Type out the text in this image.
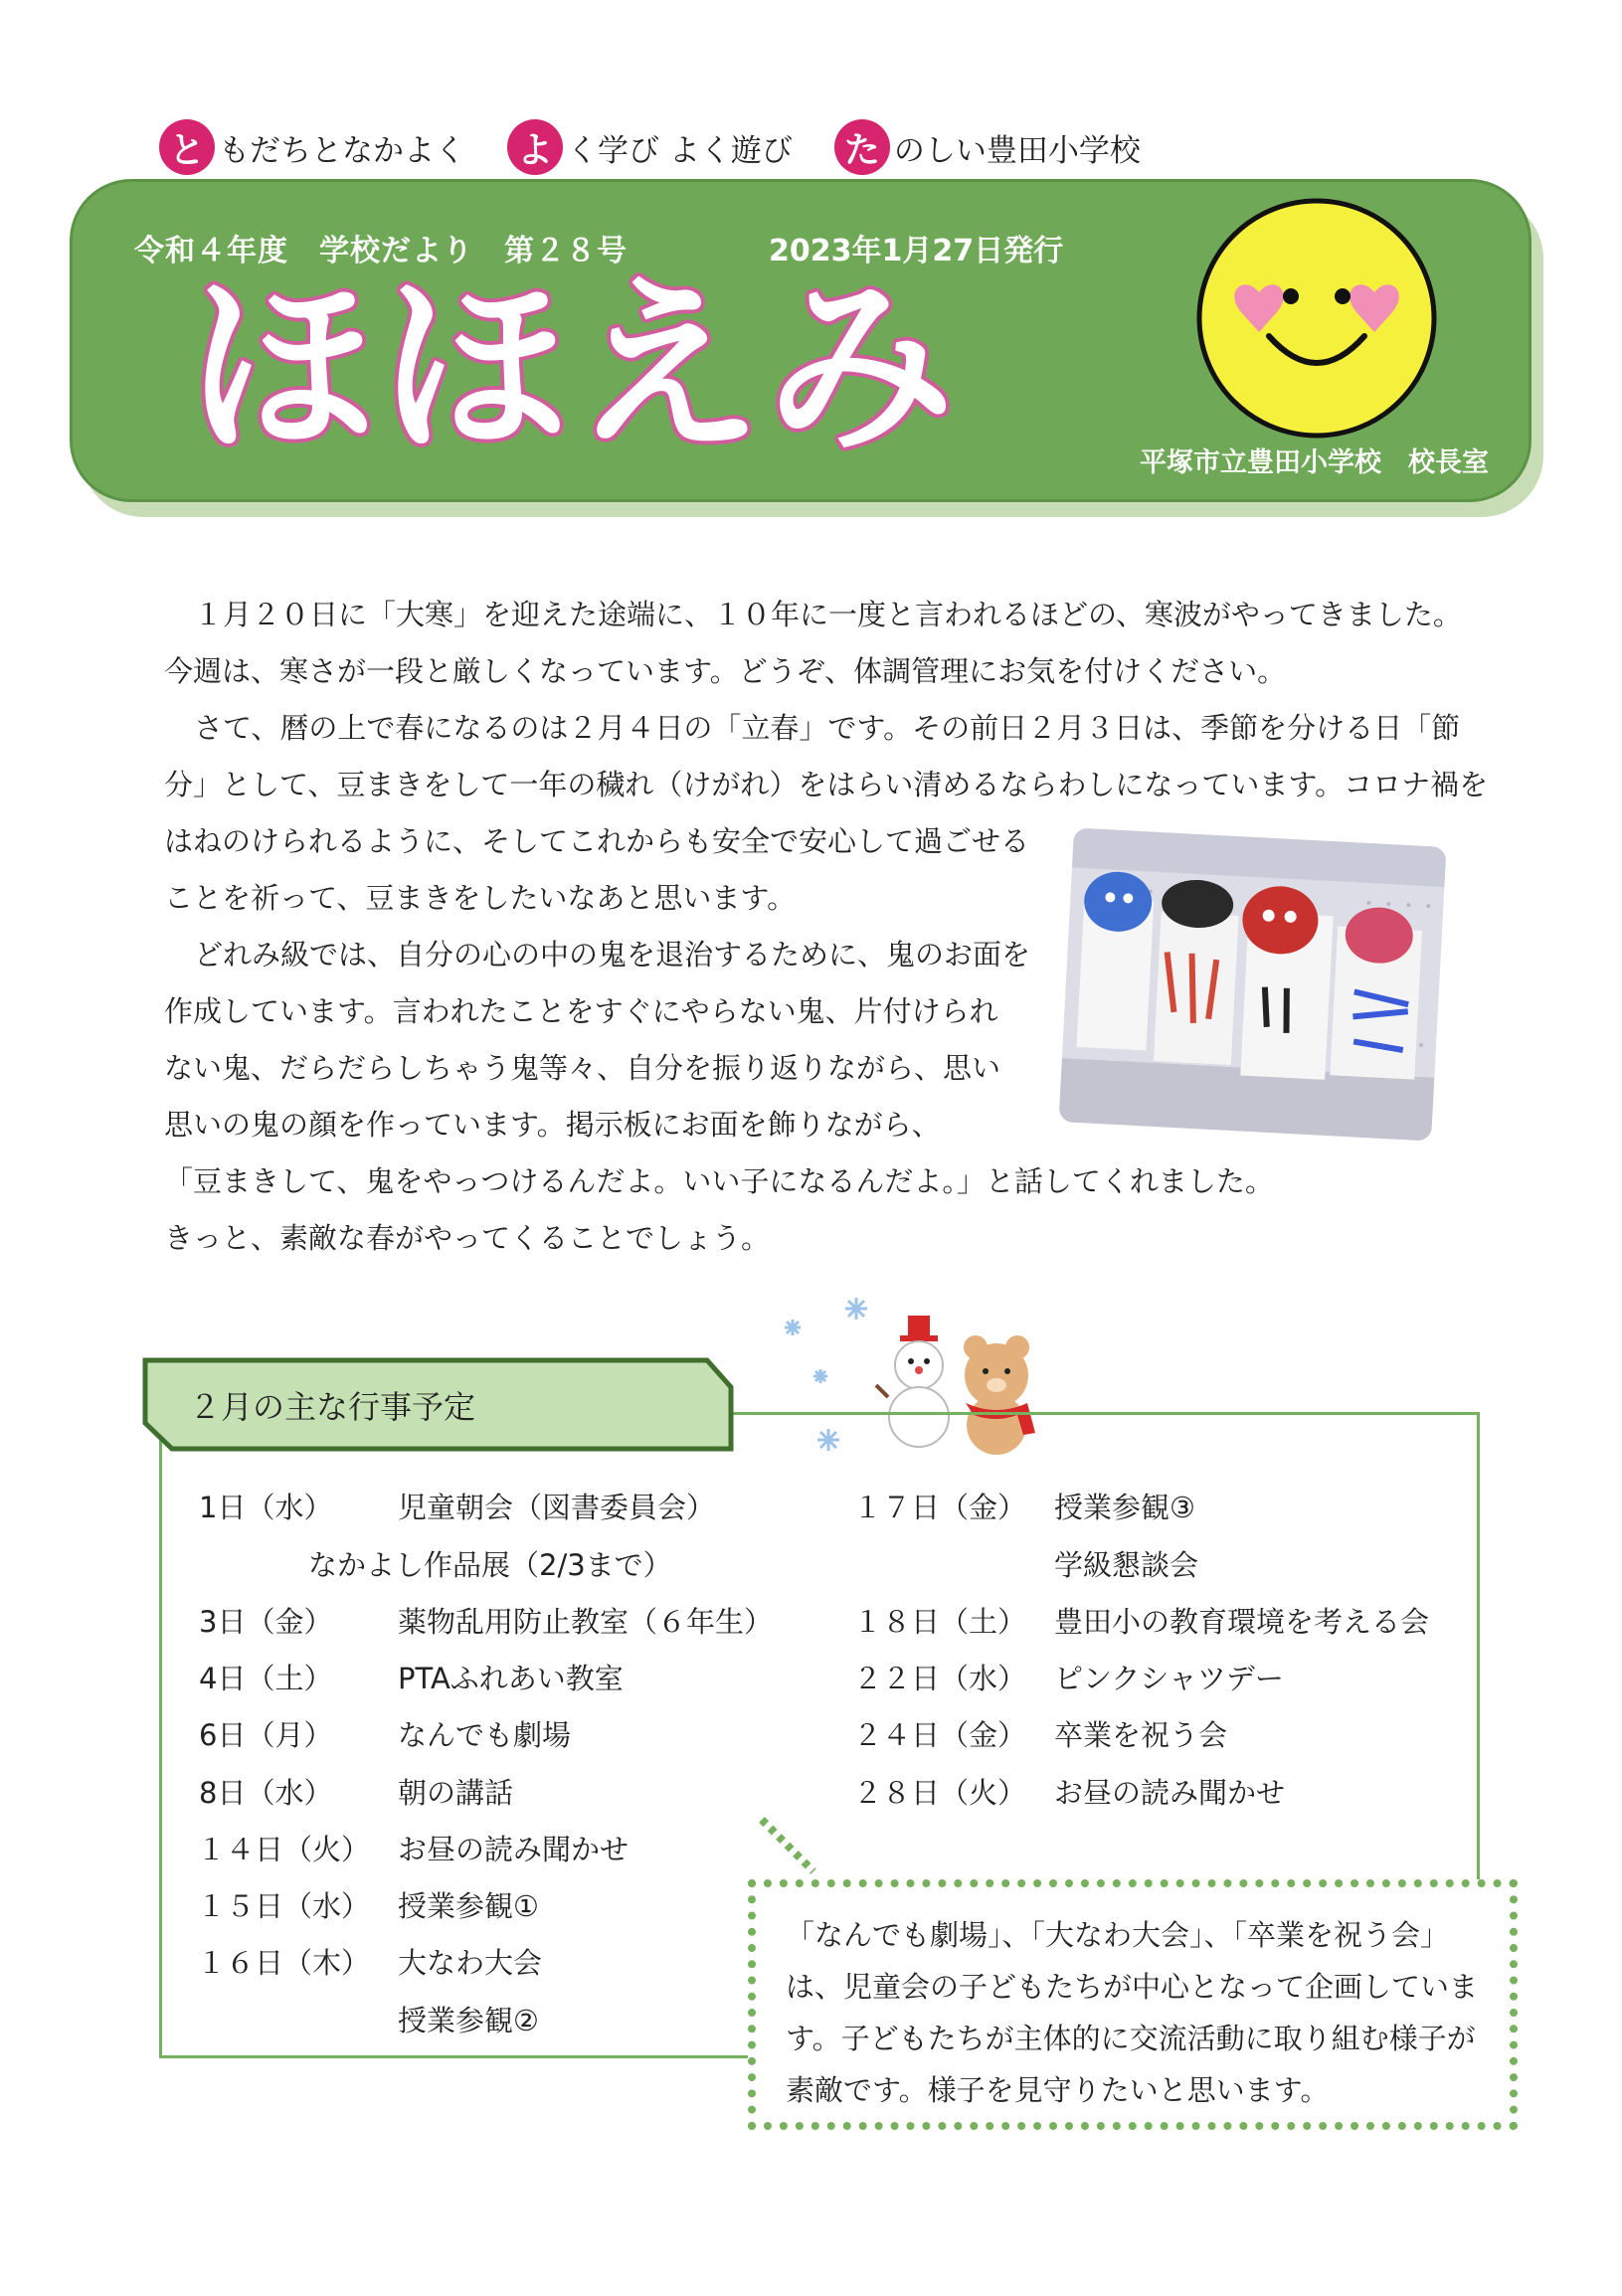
と もだちとなかよく よ く学び よく遊び た のしい豊田小学校
令和４年度　学校だより　第２８号	2023年1月27日発行
ほほえみ	平塚市立豊田小学校　校長室

１月２０日に「大寒」を迎えた途端に、１０年に一度と言われるほどの、寒波がやってきました。

今週は、寒さが一段と厳しくなっています。どうぞ、体調管理にお気を付けください。

さて、暦の上で春になるのは２月４日の「立春」です。その前日２月３日は、季節を分ける日「節

分」として、豆まきをして一年の穢れ（けがれ）をはらい清めるならわしになっています。コロナ禍を

はねのけられるように、そしてこれからも安全で安心して過ごせる

ことを祈って、豆まきをしたいなあと思います。

どれみ級では、自分の心の中の鬼を退治するために、鬼のお面を

作成しています。言われたことをすぐにやらない鬼、片付けられ

ない鬼、だらだらしちゃう鬼等々、自分を振り返りながら、思い

思いの鬼の顔を作っています。掲示板にお面を飾りながら、

「豆まきして、鬼をやっつけるんだよ。いい子になるんだよ。」と話してくれました。

きっと、素敵な春がやってくることでしょう。

２月の主な行事予定
1日（水） 児童朝会（図書委員会）
なかよし作品展（2/3まで）
3日（金） 薬物乱用防止教室（６年生）
4日（土） PTAふれあい教室
6日（月） なんでも劇場
8日（水） 朝の講話
１４日（火） お昼の読み聞かせ
１５日（水） 授業参観①
１６日（木） 大なわ大会
授業参観②
１７日（金） 授業参観③
学級懇談会
１８日（土） 豊田小の教育環境を考える会
２２日（水） ピンクシャツデー
２４日（金） 卒業を祝う会
２８日（火） お昼の読み聞かせ

「なんでも劇場」、「大なわ大会」、「卒業を祝う会」

は、児童会の子どもたちが中心となって企画していま

す。子どもたちが主体的に交流活動に取り組む様子が

素敵です。様子を見守りたいと思います。
